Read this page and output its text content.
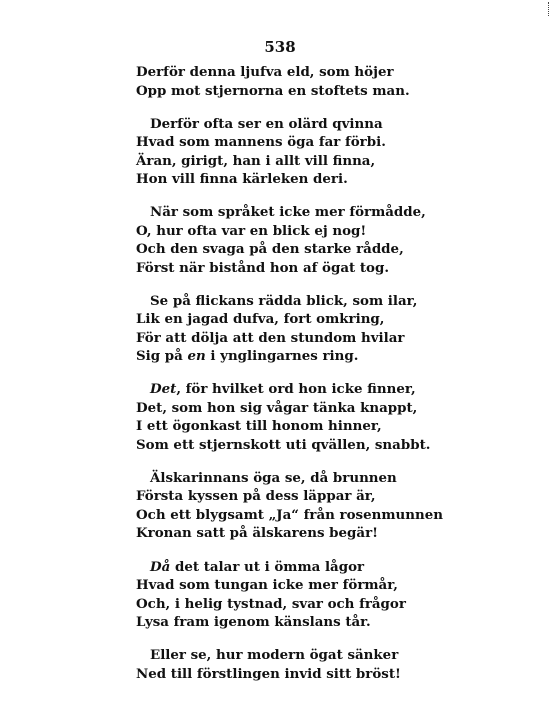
538
Derför denna ljufva eld, som höjer
Opp mot stjernorna en stoftets man.
Derför ofta ser en olärd qvinna
Hvad som mannens öga far förbi.
Äran, girigt, han i allt vill finna,
Hon vill finna kärleken deri.
När som språket icke mer förmådde,
O, hur ofta var en blick ej nog!
Och den svaga på den starke rådde,
Först när bistånd hon af ögat tog.
Se på flickans rädda blick, som ilar,
Lik en jagad dufva, fort omkring,
För att dölja att den stundom hvilar
Sig på en i ynglingarnes ring.
Det, för hvilket ord hon icke finner,
Det, som hon sig vågar tänka knappt,
I ett ögonkast till honom hinner,
Som ett stjernskott uti qvällen, snabbt.
Älskarinnans öga se, då brunnen
Första kyssen på dess läppar är,
Och ett blygsamt „Ja“ från rosenmunnen
Kronan satt på älskarens begär!
Då det talar ut i ömma lågor
Hvad som tungan icke mer förmår,
Och, i helig tystnad, svar och frågor
Lysa fram igenom känslans tår.
Eller se, hur modern ögat sänker
Ned till förstlingen invid sitt bröst!
